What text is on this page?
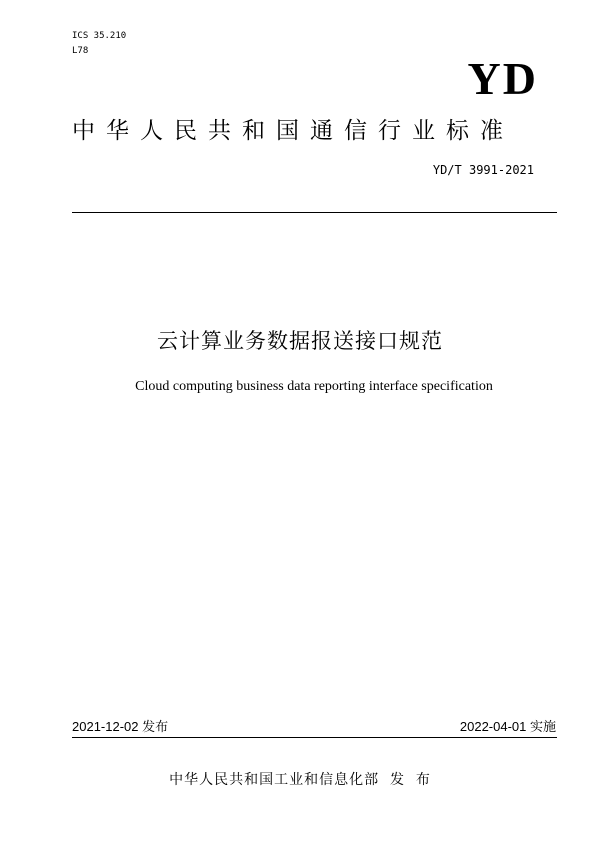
ICS 35.210
L78
YD
中华人民共和国通信行业标准
YD/T 3991-2021
云计算业务数据报送接口规范
Cloud computing business data reporting interface specification
2021-12-02 发布	2022-04-01 实施
中华人民共和国工业和信息化部  发  布
